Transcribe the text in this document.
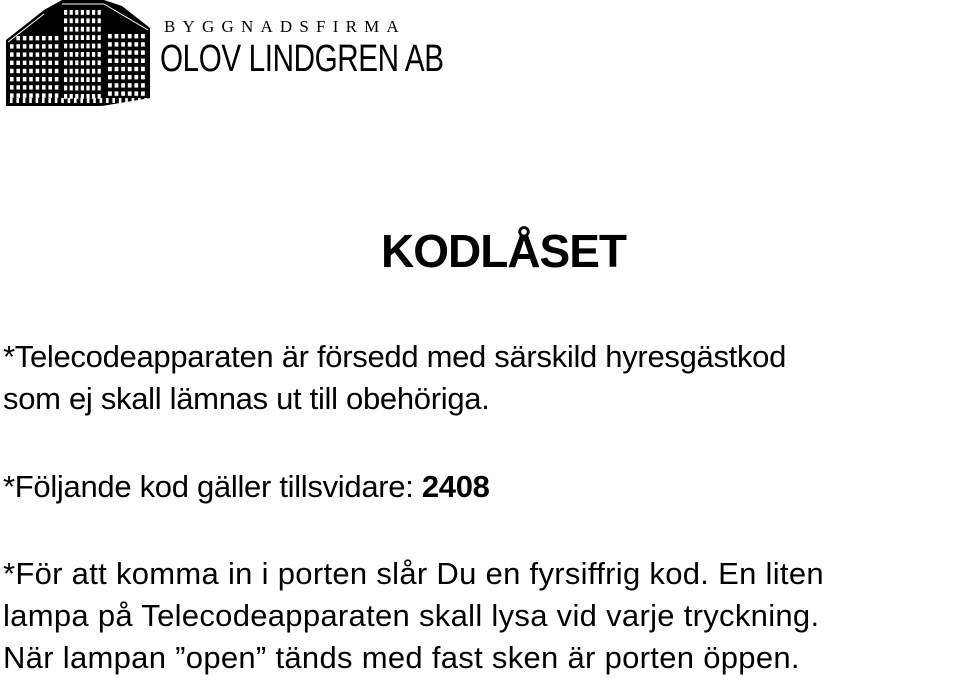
BYGGNADSFIRMA
OLOV LINDGREN AB
KODLÅSET

*Telecodeapparaten är försedd med särskild hyresgästkod
som ej skall lämnas ut till obehöriga.

*Följande kod gäller tillsvidare: 2408

*För att komma in i porten slår Du en fyrsiffrig kod. En liten
lampa på Telecodeapparaten skall lysa vid varje tryckning.
När lampan ”open” tänds med fast sken är porten öppen.
